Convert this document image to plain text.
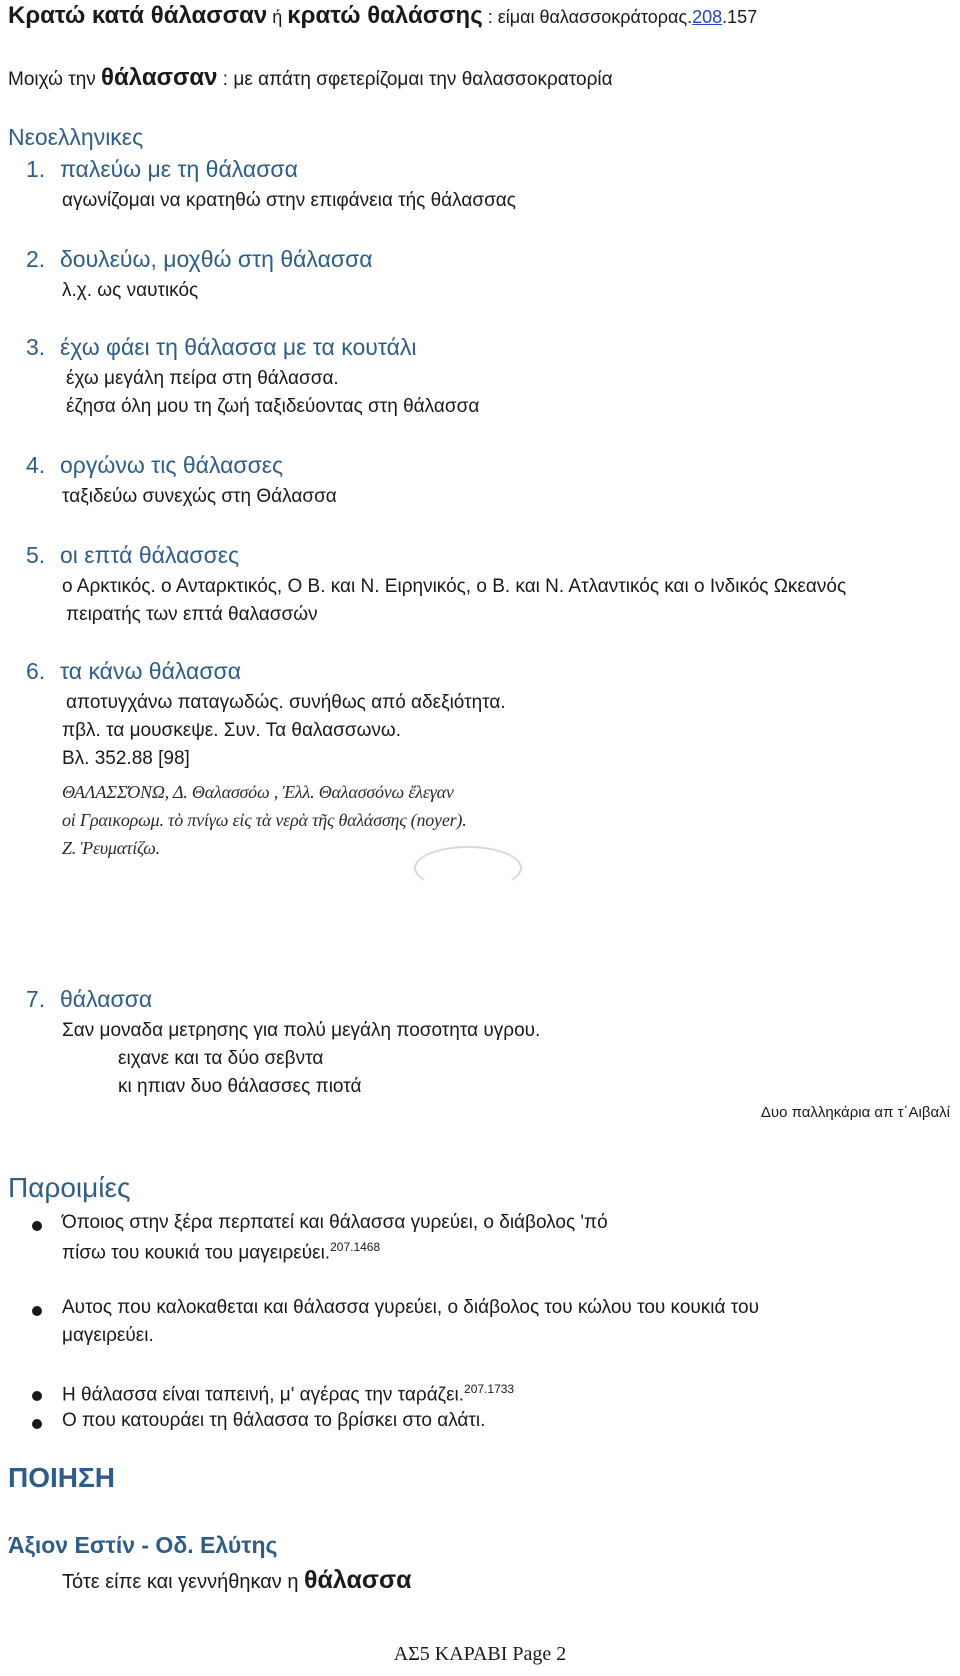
Κρατώ κατά θάλασσαν ή κρατώ θαλάσσης : είμαι θαλασσοκράτορας.208.157
Μοιχώ την θάλασσαν : με απάτη σφετερίζομαι την θαλασσοκρατορία
Νεοελληνικες
1. παλεύω με τη θάλασσα
αγωνίζομαι να κρατηθώ στην επιφάνεια τής θάλασσας
2. δουλεύω, μοχθώ στη θάλασσα
λ.χ. ως ναυτικός
3. έχω φάει τη θάλασσα με τα κουτάλι
έχω μεγάλη πείρα στη θάλασσα.
έζησα όλη μου τη ζωή ταξιδεύοντας στη θάλασσα
4. οργώνω τις θάλασσες
ταξιδεύω συνεχώς στη Θάλασσα
5. οι επτά θάλασσες
ο Αρκτικός. ο Ανταρκτικός, Ο Β. και Ν. Ειρηνικός, ο Β. και Ν. Ατλαντικός και ο Ινδικός Ωκεανός
πειρατής των επτά θαλασσών
6. τα κάνω θάλασσα
αποτυγχάνω παταγωδώς. συνήθως από αδεξιότητα.
πβλ. τα μουσκεψε. Συν. Τα θαλασσωνω.
Βλ. 352.88 [98]
ΘΑΛΑΣΣΌΝΩ, Δ. Θαλασσόω , Ἑλλ. Θαλασσόνω ἔλεγαν
οἱ Γραικορωμ. τὸ πνίγω εἰς τὰ νερὰ τῆς θαλάσσης (noyer).
Ζ. Ῥευματίζω.
7. θάλασσα
Σαν μοναδα μετρησης για πολύ μεγάλη ποσοτητα υγρου.
ειχανε και τα δύο σεβντα
κι ηπιαν δυο θάλασσες πιοτά
Δυο παλληκάρια απ τ΄Αιβαλί
Παροιμίες
Όποιος στην ξέρα περπατεί και θάλασσα γυρεύει, ο διάβολος 'πό
πίσω του κουκιά του μαγειρεύει.$^{207.1468}$
Αυτος που καλοκαθεται και θάλασσα γυρεύει, ο διάβολος του κώλου του κουκιά του
μαγειρεύει.
Η θάλασσα είναι ταπεινή, μ' αγέρας την ταράζει.$^{207.1733}$
Ο που κατουράει τη θάλασσα το βρίσκει στο αλάτι.
ΠΟΙΗΣΗ
Άξιον Εστίν - Οδ. Ελύτης
Τότε είπε και γεννήθηκαν η θάλασσα
ΑΣ5 ΚΑΡΑΒΙ Page 2
